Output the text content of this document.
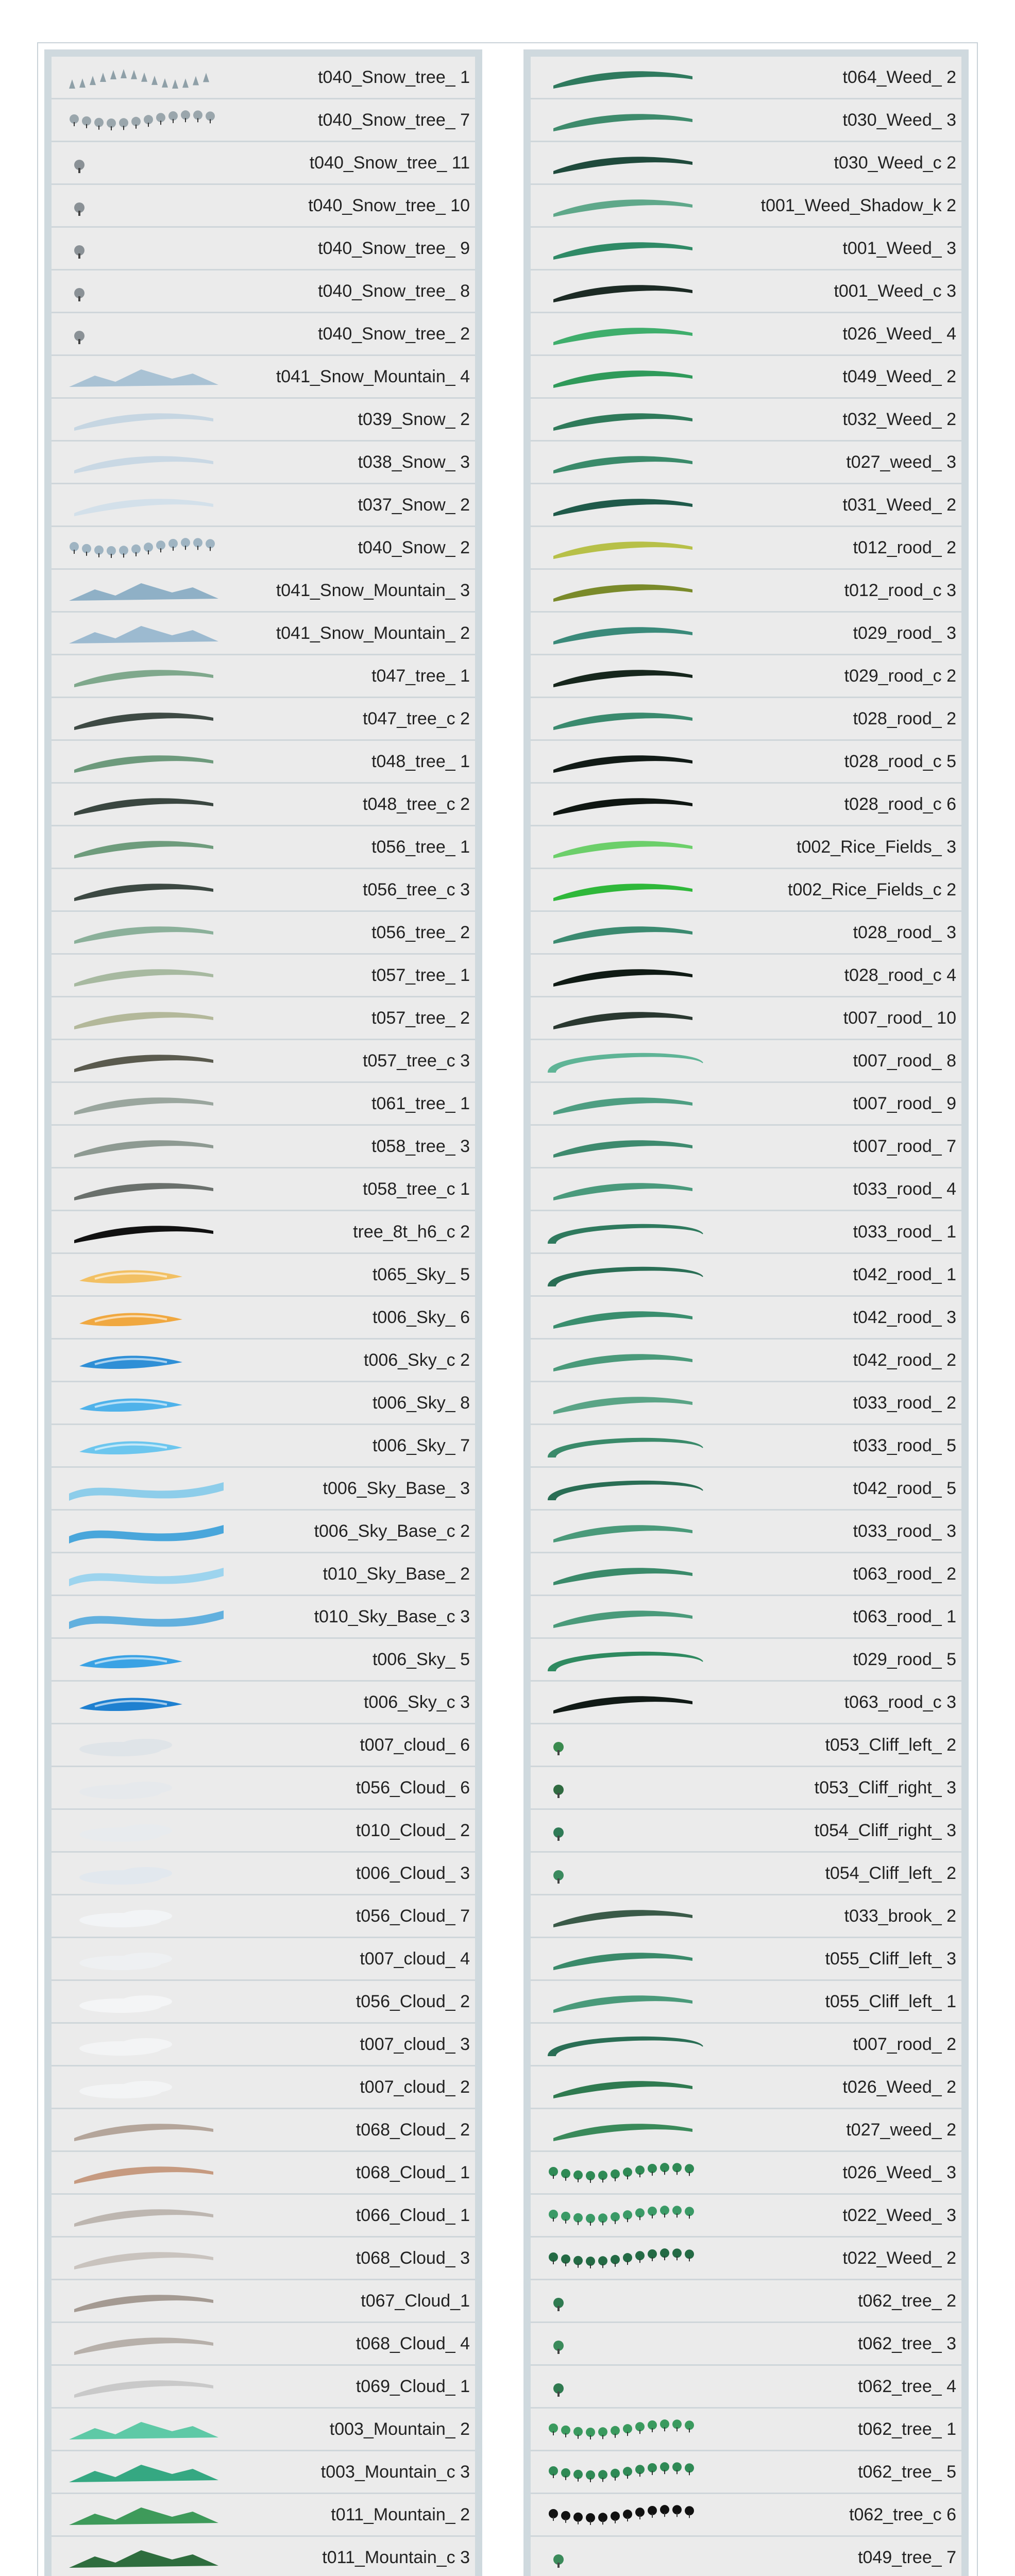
t040_Snow_tree_ 1
t040_Snow_tree_ 7
t040_Snow_tree_ 11
t040_Snow_tree_ 10
t040_Snow_tree_ 9
t040_Snow_tree_ 8
t040_Snow_tree_ 2
t041_Snow_Mountain_ 4
t039_Snow_ 2
t038_Snow_ 3
t037_Snow_ 2
t040_Snow_ 2
t041_Snow_Mountain_ 3
t041_Snow_Mountain_ 2
t047_tree_ 1
t047_tree_c 2
t048_tree_ 1
t048_tree_c 2
t056_tree_ 1
t056_tree_c 3
t056_tree_ 2
t057_tree_ 1
t057_tree_ 2
t057_tree_c 3
t061_tree_ 1
t058_tree_ 3
t058_tree_c 1
tree_8t_h6_c 2
t065_Sky_ 5
t006_Sky_ 6
t006_Sky_c 2
t006_Sky_ 8
t006_Sky_ 7
t006_Sky_Base_ 3
t006_Sky_Base_c 2
t010_Sky_Base_ 2
t010_Sky_Base_c 3
t006_Sky_ 5
t006_Sky_c 3
t007_cloud_ 6
t056_Cloud_ 6
t010_Cloud_ 2
t006_Cloud_ 3
t056_Cloud_ 7
t007_cloud_ 4
t056_Cloud_ 2
t007_cloud_ 3
t007_cloud_ 2
t068_Cloud_ 2
t068_Cloud_ 1
t066_Cloud_ 1
t068_Cloud_ 3
t067_Cloud_1
t068_Cloud_ 4
t069_Cloud_ 1
t003_Mountain_ 2
t003_Mountain_c 3
t011_Mountain_ 2
t011_Mountain_c 3
t064_Weed_ 2
t030_Weed_ 3
t030_Weed_c 2
t001_Weed_Shadow_k 2
t001_Weed_ 3
t001_Weed_c 3
t026_Weed_ 4
t049_Weed_ 2
t032_Weed_ 2
t027_weed_ 3
t031_Weed_ 2
t012_rood_ 2
t012_rood_c 3
t029_rood_ 3
t029_rood_c 2
t028_rood_ 2
t028_rood_c 5
t028_rood_c 6
t002_Rice_Fields_ 3
t002_Rice_Fields_c 2
t028_rood_ 3
t028_rood_c 4
t007_rood_ 10
t007_rood_ 8
t007_rood_ 9
t007_rood_ 7
t033_rood_ 4
t033_rood_ 1
t042_rood_ 1
t042_rood_ 3
t042_rood_ 2
t033_rood_ 2
t033_rood_ 5
t042_rood_ 5
t033_rood_ 3
t063_rood_ 2
t063_rood_ 1
t029_rood_ 5
t063_rood_c 3
t053_Cliff_left_ 2
t053_Cliff_right_ 3
t054_Cliff_right_ 3
t054_Cliff_left_ 2
t033_brook_ 2
t055_Cliff_left_ 3
t055_Cliff_left_ 1
t007_rood_ 2
t026_Weed_ 2
t027_weed_ 2
t026_Weed_ 3
t022_Weed_ 3
t022_Weed_ 2
t062_tree_ 2
t062_tree_ 3
t062_tree_ 4
t062_tree_ 1
t062_tree_ 5
t062_tree_c 6
t049_tree_ 7
